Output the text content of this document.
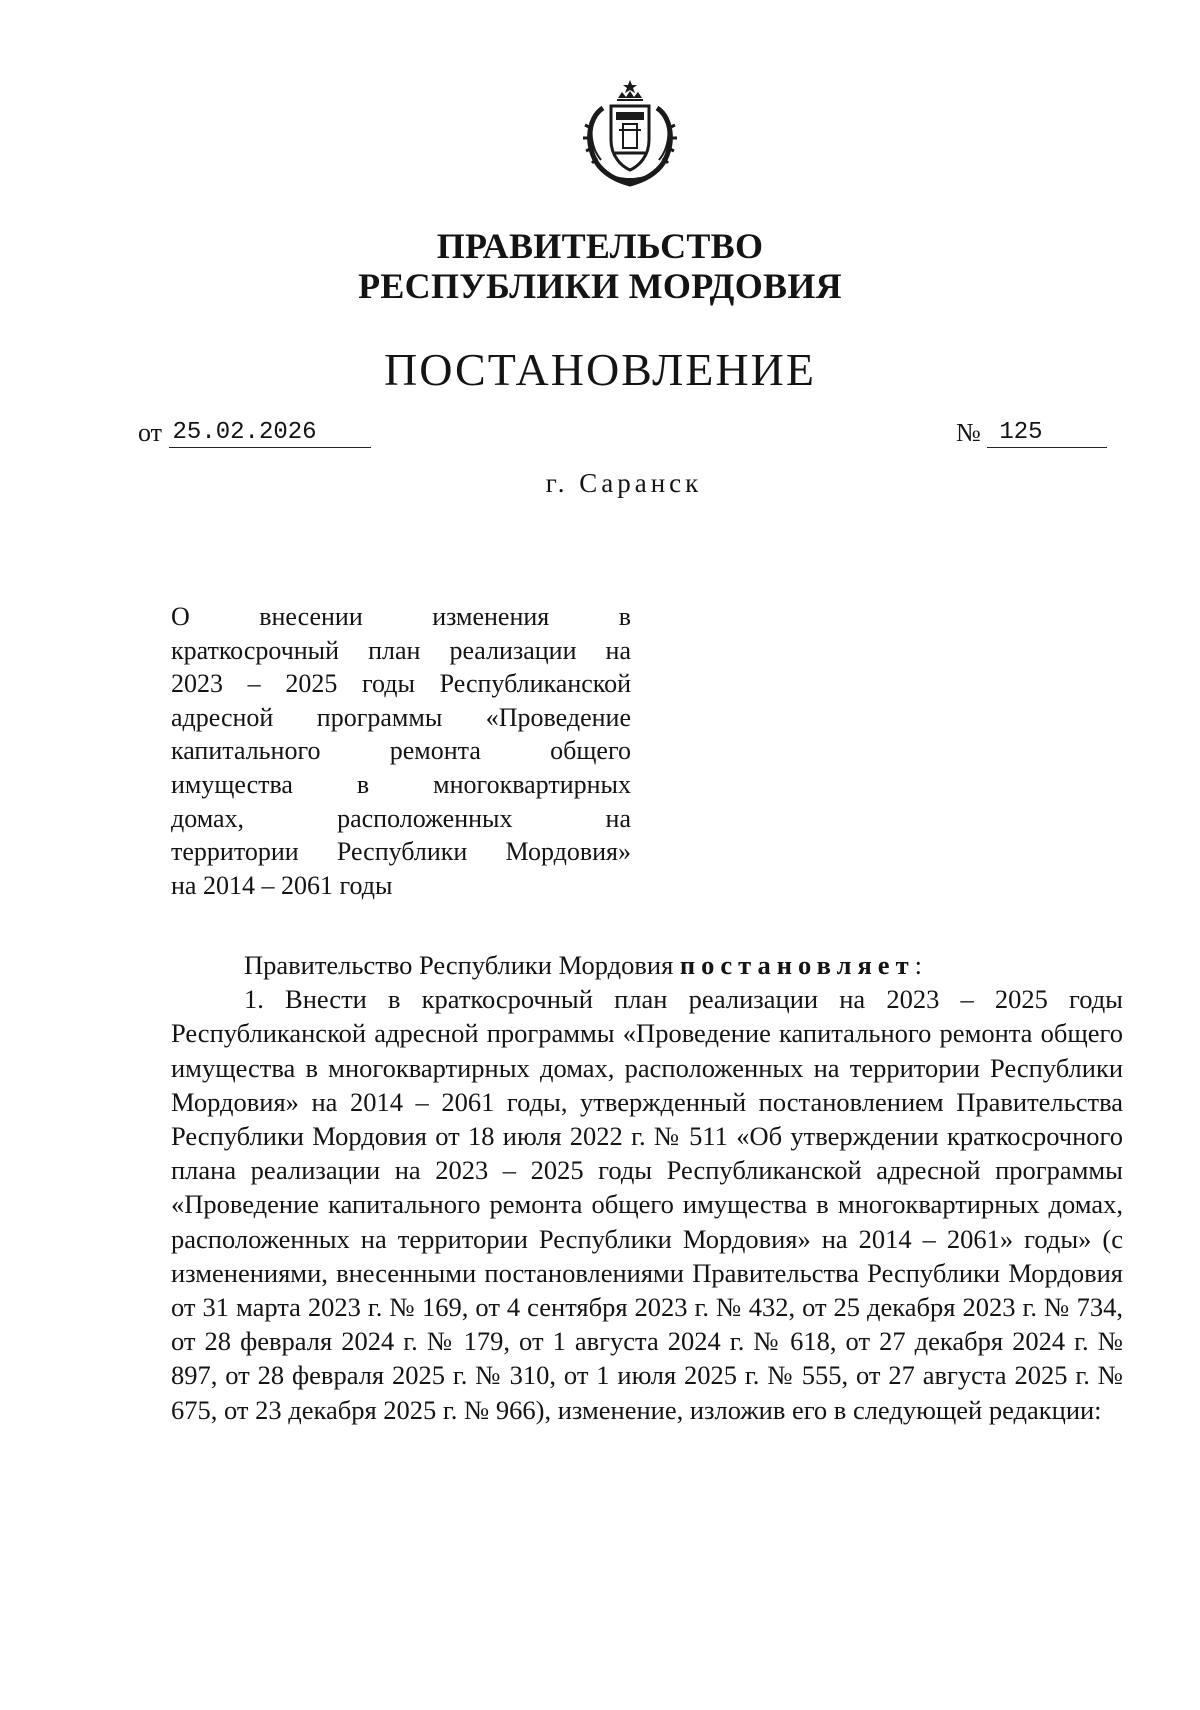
ПРАВИТЕЛЬСТВО
РЕСПУБЛИКИ МОРДОВИЯ
ПОСТАНОВЛЕНИЕ
от 25.02.2026	№ 125
г. Саранск
О внесении изменения в
краткосрочный план реализации на
2023 – 2025 годы Республиканской
адресной программы «Проведение
капитального ремонта общего
имущества в многоквартирных
домах, расположенных на
территории Республики Мордовия»
на 2014 – 2061 годы
Правительство Республики Мордовия постановляет:

1. Внести в краткосрочный план реализации на 2023 – 2025 годы Республиканской адресной программы «Проведение капитального ремонта общего имущества в многоквартирных домах, расположенных на территории Республики Мордовия» на 2014 – 2061 годы, утвержденный постановлением Правительства Республики Мордовия от 18 июля 2022 г. № 511 «Об утверждении краткосрочного плана реализации на 2023 – 2025 годы Республиканской адресной программы «Проведение капитального ремонта общего имущества в многоквартирных домах, расположенных на территории Республики Мордовия» на 2014 – 2061» годы» (с изменениями, внесенными постановлениями Правительства Республики Мордовия от 31 марта 2023 г. № 169, от 4 сентября 2023 г. № 432, от 25 декабря 2023 г. № 734, от 28 февраля 2024 г. № 179, от 1 августа 2024 г. № 618, от 27 декабря 2024 г. № 897, от 28 февраля 2025 г. № 310, от 1 июля 2025 г. № 555, от 27 августа 2025 г. № 675, от 23 декабря 2025 г. № 966), изменение, изложив его в следующей редакции:
